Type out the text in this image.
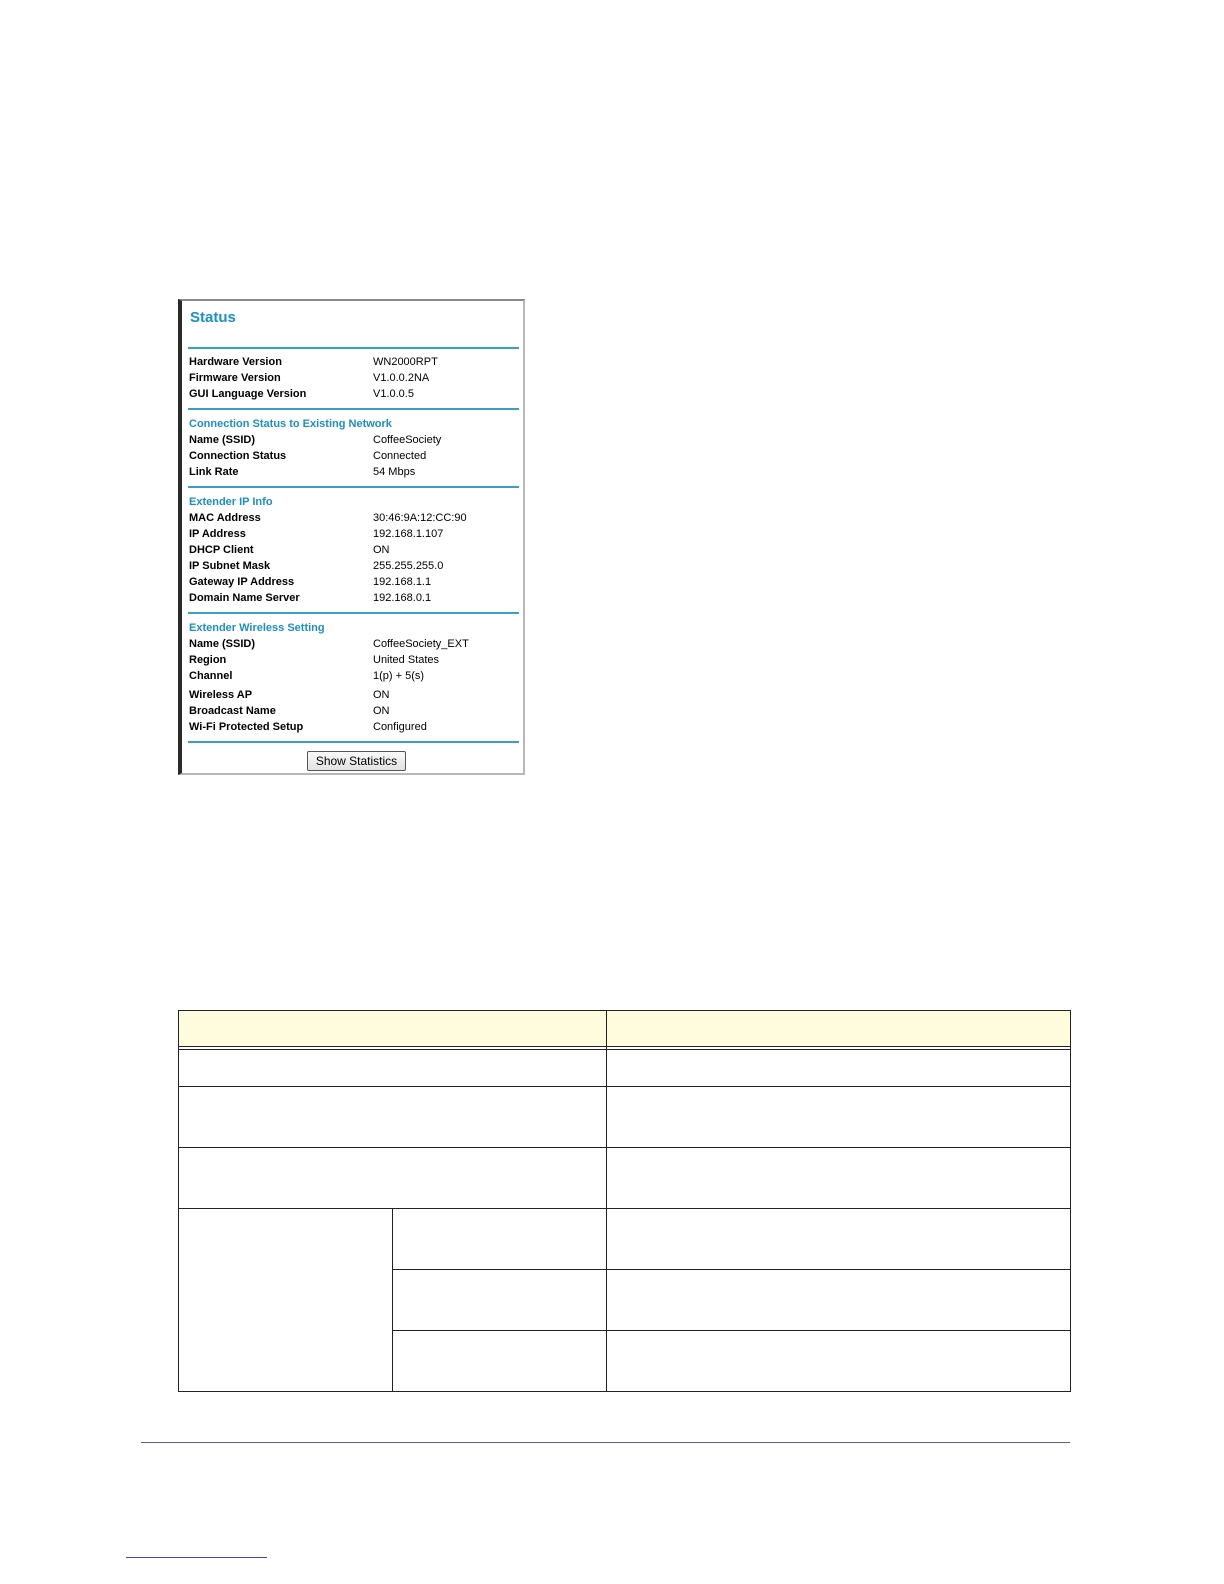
Status
Hardware Version	WN2000RPT
Firmware Version	V1.0.0.2NA
GUI Language Version	V1.0.0.5
Connection Status to Existing Network
Name (SSID)	CoffeeSociety
Connection Status	Connected
Link Rate	54 Mbps
Extender IP Info
MAC Address	30:46:9A:12:CC:90
IP Address	192.168.1.107
DHCP Client	ON
IP Subnet Mask	255.255.255.0
Gateway IP Address	192.168.1.1
Domain Name Server	192.168.0.1
Extender Wireless Setting
Name (SSID)	CoffeeSociety_EXT
Region	United States
Channel	1(p) + 5(s)
Wireless AP	ON
Broadcast Name	ON
Wi-Fi Protected Setup	Configured
Show Statistics
